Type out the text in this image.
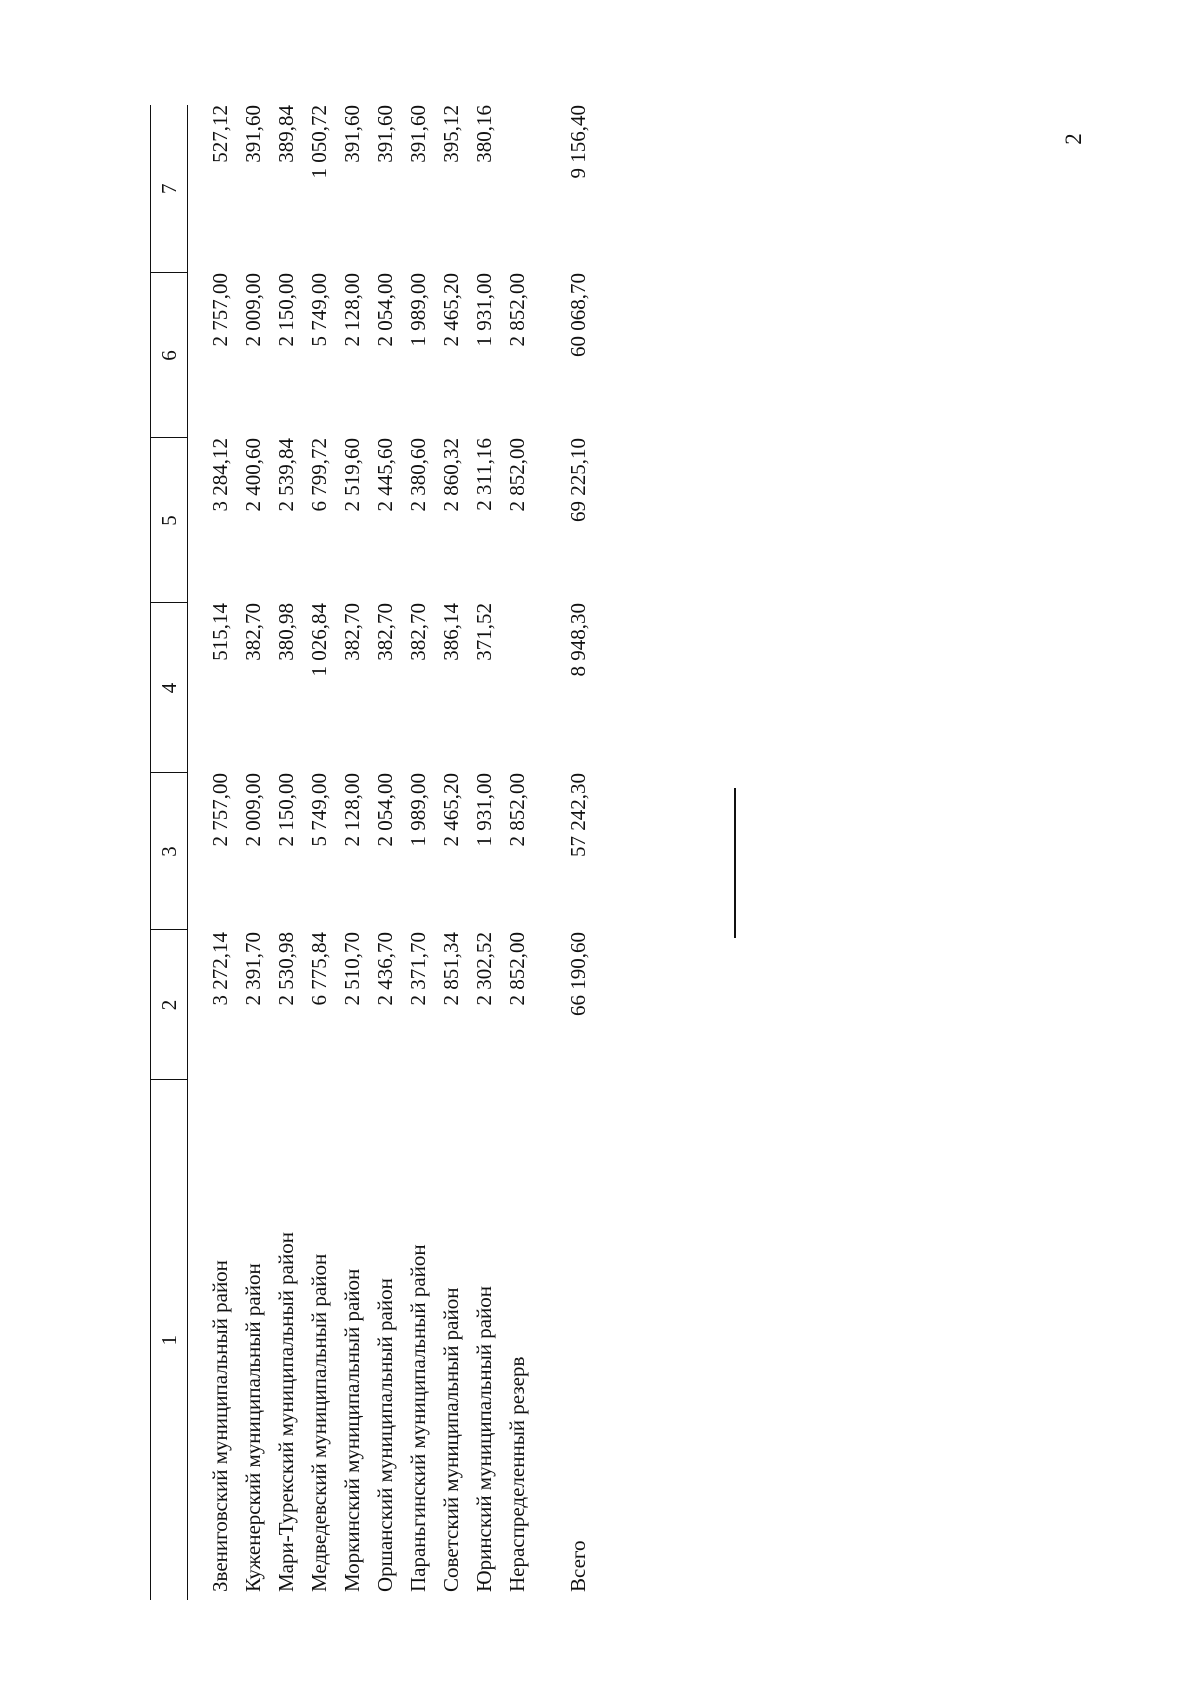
2
1	2	3	4	5	6	7
Звениговский муниципальный район	3 272,14	2 757,00	515,14	3 284,12	2 757,00	527,12
Куженерский муниципальный район	2 391,70	2 009,00	382,70	2 400,60	2 009,00	391,60
Мари-Турекский муниципальный район	2 530,98	2 150,00	380,98	2 539,84	2 150,00	389,84
Медведевский муниципальный район	6 775,84	5 749,00	1 026,84	6 799,72	5 749,00	1 050,72
Моркинский муниципальный район	2 510,70	2 128,00	382,70	2 519,60	2 128,00	391,60
Оршанский муниципальный район	2 436,70	2 054,00	382,70	2 445,60	2 054,00	391,60
Параньгинский муниципальный район	2 371,70	1 989,00	382,70	2 380,60	1 989,00	391,60
Советский муниципальный район	2 851,34	2 465,20	386,14	2 860,32	2 465,20	395,12
Юринский муниципальный район	2 302,52	1 931,00	371,52	2 311,16	1 931,00	380,16
Нераспределенный резерв	2 852,00	2 852,00		2 852,00	2 852,00	
Всего	66 190,60	57 242,30	8 948,30	69 225,10	60 068,70	9 156,40
